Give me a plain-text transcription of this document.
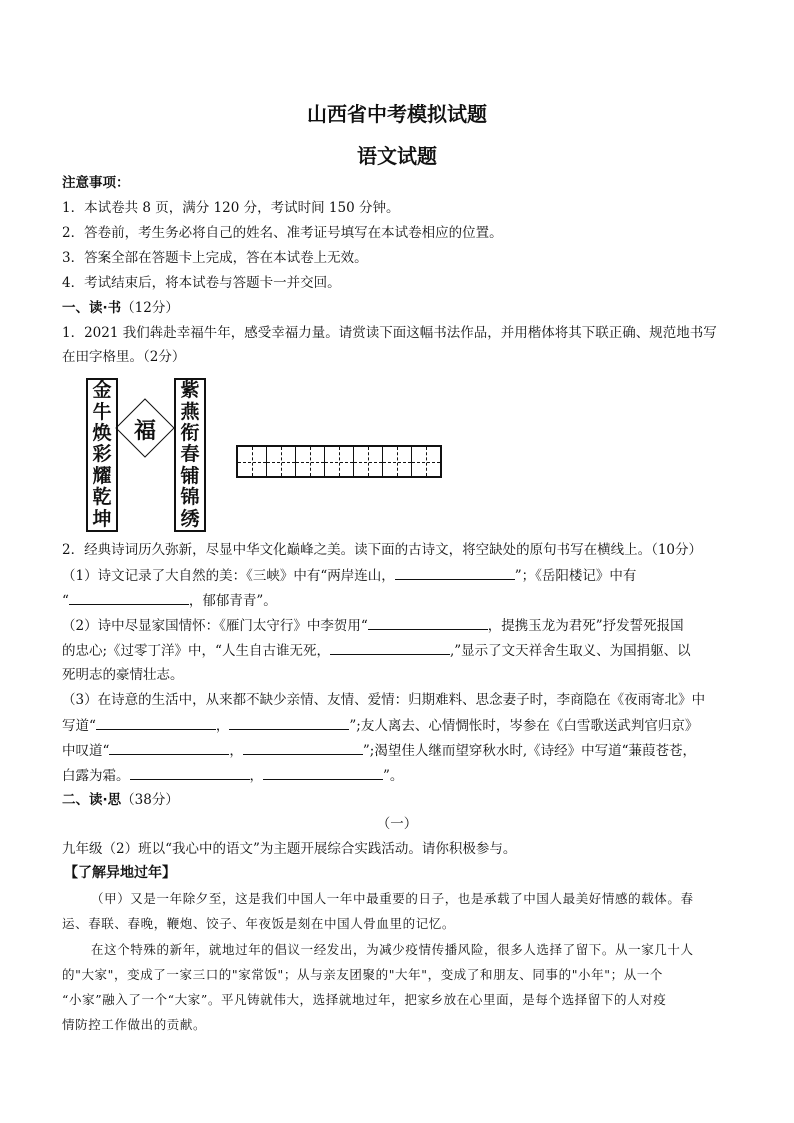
山西省中考模拟试题
语文试题
注意事项：
1．本试卷共 8 页，满分 120 分，考试时间 150 分钟。
2．答卷前，考生务必将自己的姓名、准考证号填写在本试卷相应的位置。
3．答案全部在答题卡上完成，答在本试卷上无效。
4．考试结束后，将本试卷与答题卡一并交回。
一、读·书（12分）
1．2021 我们犇赴幸福牛年，感受幸福力量。请赏读下面这幅书法作品，并用楷体将其下联正确、规范地书写
在田字格里。（2分）
金
牛
焕
彩
耀
乾
坤
福
紫
燕
衔
春
铺
锦
绣
2．经典诗词历久弥新，尽显中华文化巅峰之美。读下面的古诗文，将空缺处的原句书写在横线上。（10分）
（1）诗文记录了大自然的美：《三峡》中有“两岸连山，	”；《岳阳楼记》中有
“	，郁郁青青”。
（2）诗中尽显家国情怀：《雁门太守行》中李贺用“	，提携玉龙为君死”抒发誓死报国
的忠心;《过零丁洋》中，“人生自古谁无死，	,”显示了文天祥舍生取义、为国捐躯、以
死明志的豪情壮志。
（3）在诗意的生活中，从来都不缺少亲情、友情、爱情：归期难料、思念妻子时，李商隐在《夜雨寄北》中
写道“	，	”;友人离去、心情惆怅时，岑参在《白雪歌送武判官归京》
中叹道“	，	”;渴望佳人继而望穿秋水时,《诗经》中写道“蒹葭苍苍，
白露为霜。	，	”。
二、读·思（38分）
（一）
九年级（2）班以“我心中的语文”为主题开展综合实践活动。请你积极参与。
【了解异地过年】
（甲）又是一年除夕至，这是我们中国人一年中最重要的日子，也是承载了中国人最美好情感的载体。春
运、春联、春晚，鞭炮、饺子、年夜饭是刻在中国人骨血里的记忆。
在这个特殊的新年，就地过年的倡议一经发出，为减少疫情传播风险，很多人选择了留下。从一家几十人
的"大家"，变成了一家三口的"家常饭"；从与亲友团聚的"大年"，变成了和朋友、同事的"小年"；从一个
“小家”融入了一个“大家”。平凡铸就伟大，选择就地过年，把家乡放在心里面，是每个选择留下的人对疫
情防控工作做出的贡献。
